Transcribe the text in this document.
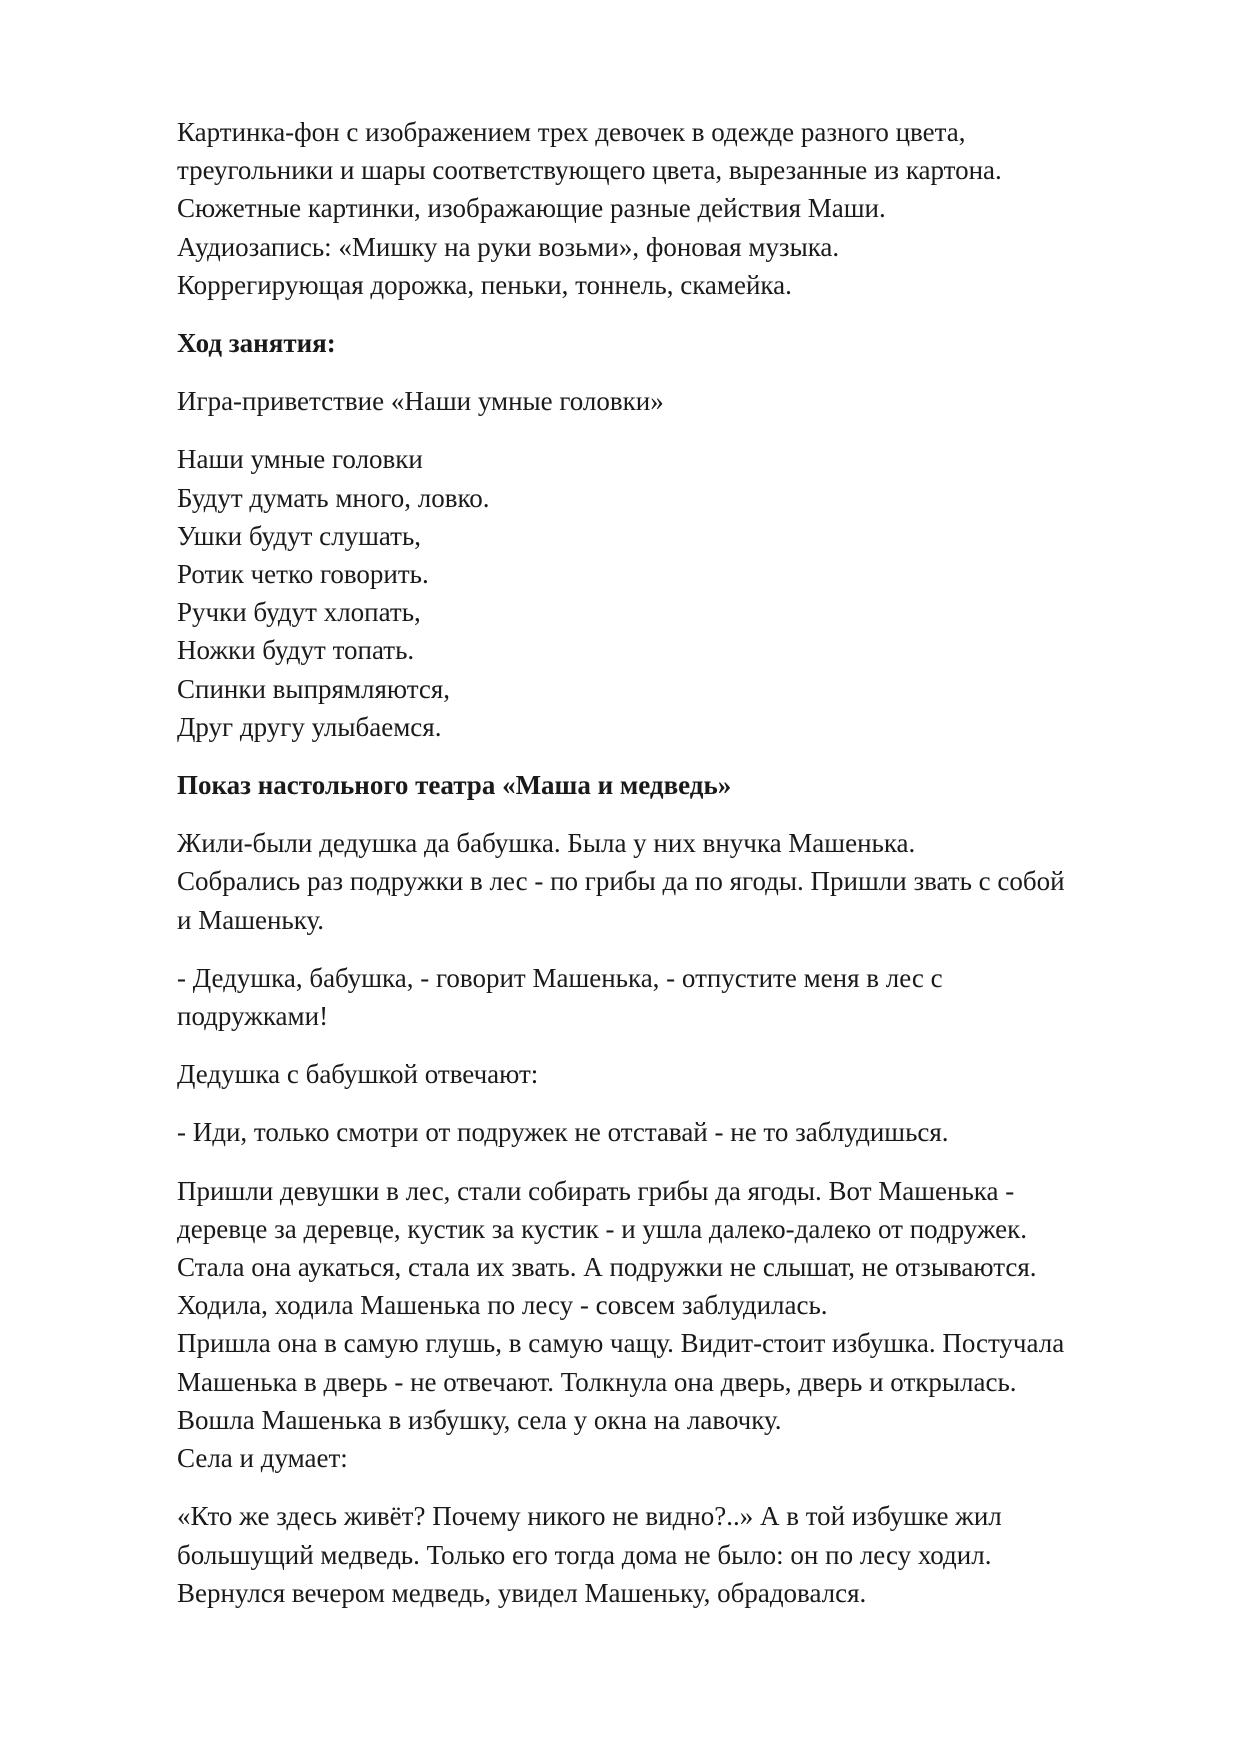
Картинка-фон с изображением трех девочек в одежде разного цвета,
треугольники и шары соответствующего цвета, вырезанные из картона.
Сюжетные картинки, изображающие разные действия Маши.
Аудиозапись: «Мишку на руки возьми», фоновая музыка.
Коррегирующая дорожка, пеньки, тоннель, скамейка.
Ход занятия:
Игра-приветствие «Наши умные головки»
Наши умные головки
Будут думать много, ловко.
Ушки будут слушать,
Ротик четко говорить.
Ручки будут хлопать,
Ножки будут топать.
Спинки выпрямляются,
Друг другу улыбаемся.
Показ настольного театра «Маша и медведь»
Жили-были дедушка да бабушка. Была у них внучка Машенька.
Собрались раз подружки в лес - по грибы да по ягоды. Пришли звать с собой
и Машеньку.
- Дедушка, бабушка, - говорит Машенька, - отпустите меня в лес с
подружками!
Дедушка с бабушкой отвечают:
- Иди, только смотри от подружек не отставай - не то заблудишься.
Пришли девушки в лес, стали собирать грибы да ягоды. Вот Машенька -
деревце за деревце, кустик за кустик - и ушла далеко-далеко от подружек.
Стала она аукаться, стала их звать. А подружки не слышат, не отзываются.
Ходила, ходила Машенька по лесу - совсем заблудилась.
Пришла она в самую глушь, в самую чащу. Видит-стоит избушка. Постучала
Машенька в дверь - не отвечают. Толкнула она дверь, дверь и открылась.
Вошла Машенька в избушку, села у окна на лавочку.
Села и думает:
«Кто же здесь живёт? Почему никого не видно?..» А в той избушке жил
большущий медведь. Только его тогда дома не было: он по лесу ходил.
Вернулся вечером медведь, увидел Машеньку, обрадовался.
